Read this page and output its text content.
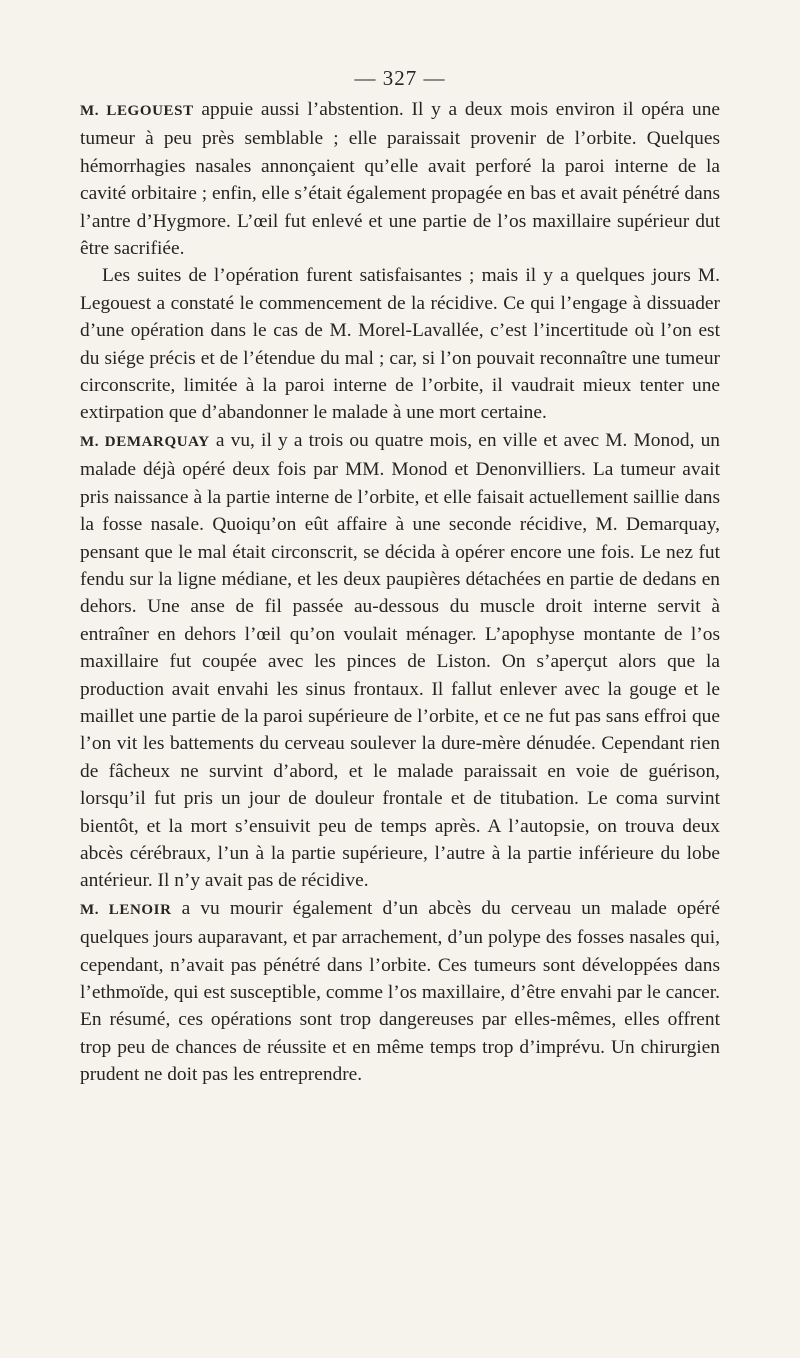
— 327 —

M. LEGOUEST appuie aussi l’abstention. Il y a deux mois environ il opéra une tumeur à peu près semblable ; elle paraissait provenir de l’orbite. Quelques hémorrhagies nasales annonçaient qu’elle avait perforé la paroi interne de la cavité orbitaire ; enfin, elle s’était également propagée en bas et avait pénétré dans l’antre d’Hygmore. L’œil fut enlevé et une partie de l’os maxillaire supérieur dut être sacrifiée.

Les suites de l’opération furent satisfaisantes ; mais il y a quelques jours M. Legouest a constaté le commencement de la récidive. Ce qui l’engage à dissuader d’une opération dans le cas de M. Morel-Lavallée, c’est l’incertitude où l’on est du siége précis et de l’étendue du mal ; car, si l’on pouvait reconnaître une tumeur circonscrite, limitée à la paroi interne de l’orbite, il vaudrait mieux tenter une extirpation que d’abandonner le malade à une mort certaine.

M. DEMARQUAY a vu, il y a trois ou quatre mois, en ville et avec M. Monod, un malade déjà opéré deux fois par MM. Monod et Denonvilliers. La tumeur avait pris naissance à la partie interne de l’orbite, et elle faisait actuellement saillie dans la fosse nasale. Quoiqu’on eût affaire à une seconde récidive, M. Demarquay, pensant que le mal était circonscrit, se décida à opérer encore une fois. Le nez fut fendu sur la ligne médiane, et les deux paupières détachées en partie de dedans en dehors. Une anse de fil passée au-dessous du muscle droit interne servit à entraîner en dehors l’œil qu’on voulait ménager. L’apophyse montante de l’os maxillaire fut coupée avec les pinces de Liston. On s’aperçut alors que la production avait envahi les sinus frontaux. Il fallut enlever avec la gouge et le maillet une partie de la paroi supérieure de l’orbite, et ce ne fut pas sans effroi que l’on vit les battements du cerveau soulever la dure-mère dénudée. Cependant rien de fâcheux ne survint d’abord, et le malade paraissait en voie de guérison, lorsqu’il fut pris un jour de douleur frontale et de titubation. Le coma survint bientôt, et la mort s’ensuivit peu de temps après. A l’autopsie, on trouva deux abcès cérébraux, l’un à la partie supérieure, l’autre à la partie inférieure du lobe antérieur. Il n’y avait pas de récidive.

M. LENOIR a vu mourir également d’un abcès du cerveau un malade opéré quelques jours auparavant, et par arrachement, d’un polype des fosses nasales qui, cependant, n’avait pas pénétré dans l’orbite. Ces tumeurs sont développées dans l’ethmoïde, qui est susceptible, comme l’os maxillaire, d’être envahi par le cancer. En résumé, ces opérations sont trop dangereuses par elles-mêmes, elles offrent trop peu de chances de réussite et en même temps trop d’imprévu. Un chirurgien prudent ne doit pas les entreprendre.
